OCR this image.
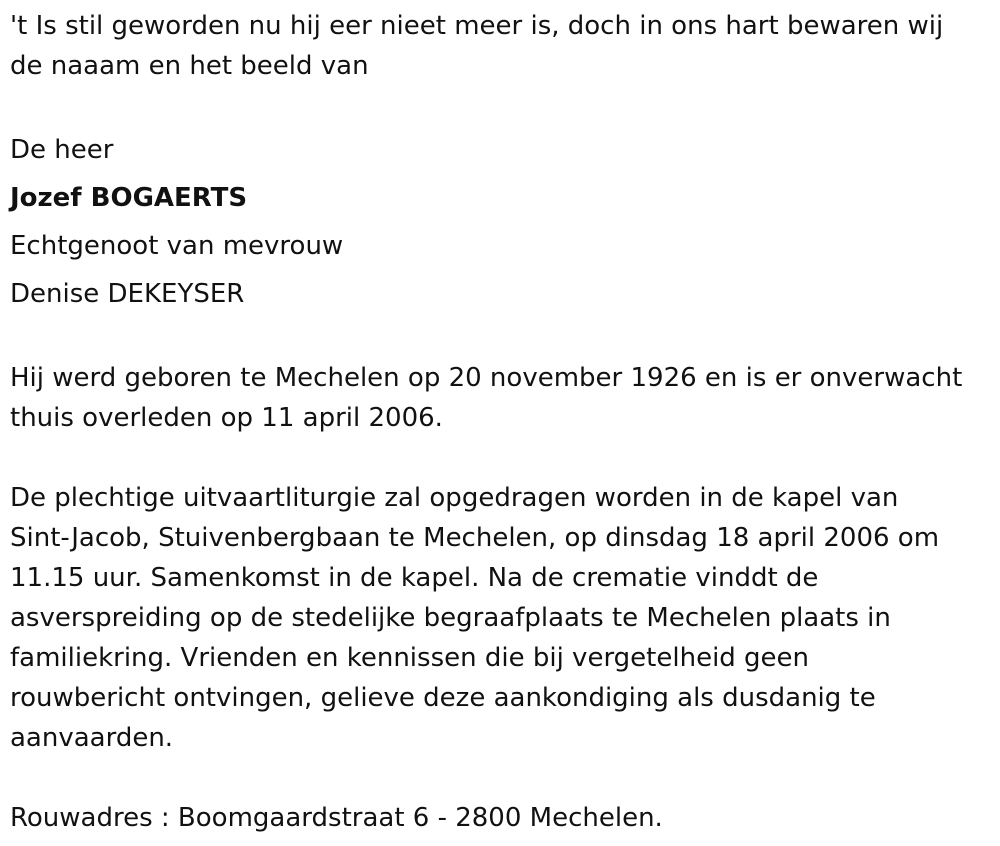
't Is stil geworden nu hij eer nieet meer is, doch in ons hart bewaren wij

de naaam en het beeld van

De heer

Jozef BOGAERTS

Echtgenoot van mevrouw

Denise DEKEYSER

Hij werd geboren te Mechelen op 20 november 1926 en is er onverwacht

thuis overleden op 11 april 2006.

De plechtige uitvaartliturgie zal opgedragen worden in de kapel van

Sint-Jacob, Stuivenbergbaan te Mechelen, op dinsdag 18 april 2006 om

11.15 uur. Samenkomst in de kapel. Na de crematie vinddt de

asverspreiding op de stedelijke begraafplaats te Mechelen plaats in

familiekring. Vrienden en kennissen die bij vergetelheid geen

rouwbericht ontvingen, gelieve deze aankondiging als dusdanig te

aanvaarden.

Rouwadres : Boomgaardstraat 6 - 2800 Mechelen.
